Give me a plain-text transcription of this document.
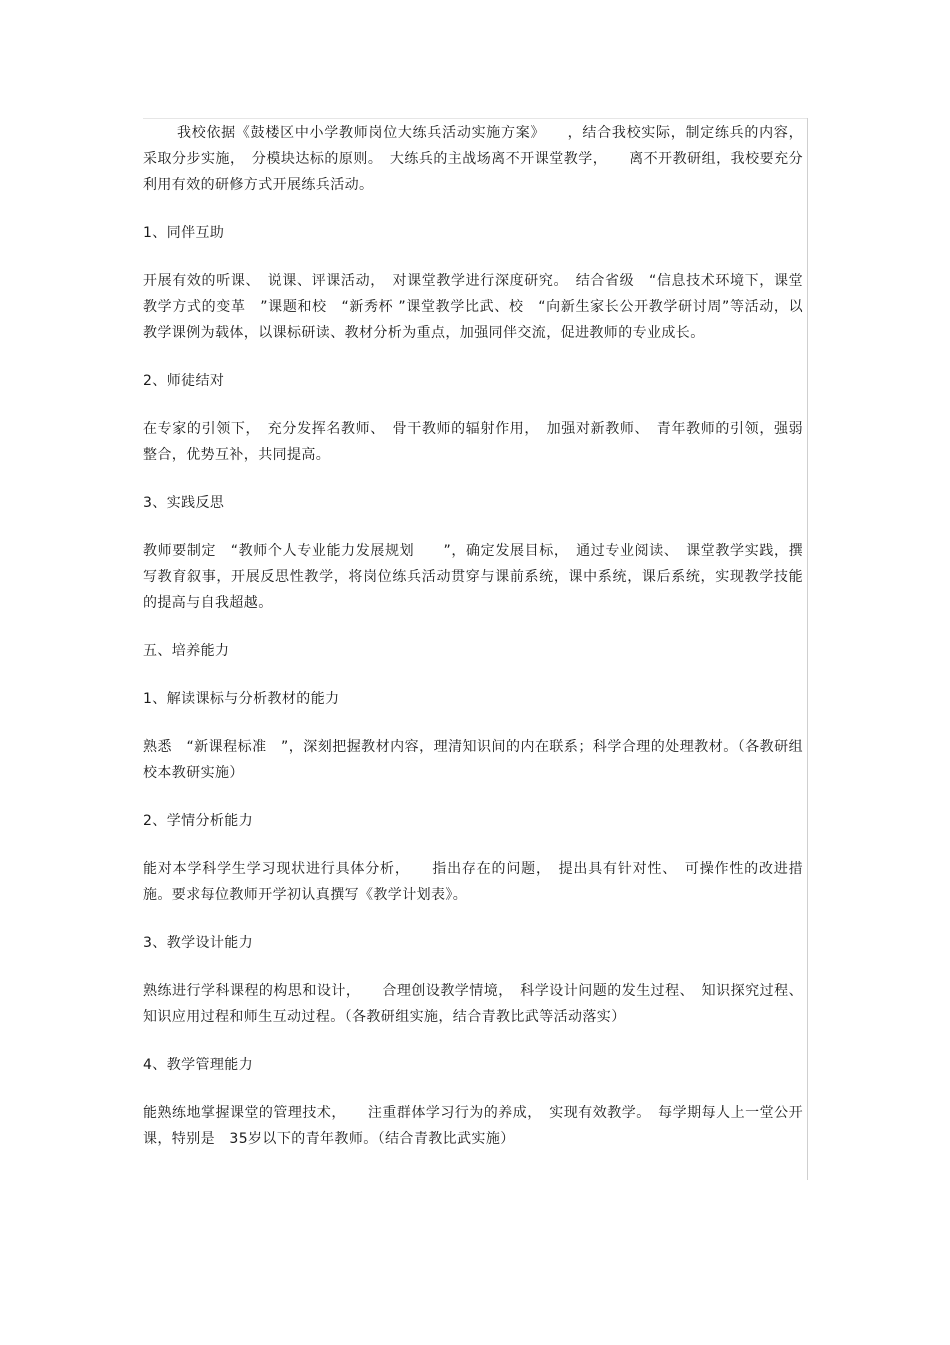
我校依据《鼓楼区中小学教师岗位大练兵活动实施方案》　　，结合我校实际，制定练兵的内容，采取分步实施，　分模块达标的原则。　大练兵的主战场离不开课堂教学，　　离不开教研组，我校要充分利用有效的研修方式开展练兵活动。

1、同伴互助

开展有效的听课、　说课、评课活动，　对课堂教学进行深度研究。　结合省级　“信息技术环境下，课堂教学方式的变革　”课题和校　“新秀杯 ”课堂教学比武、校　“向新生家长公开教学研讨周”等活动，以教学课例为载体，以课标研读、教材分析为重点，加强同伴交流，促进教师的专业成长。

2、师徒结对

在专家的引领下，　充分发挥名教师、　骨干教师的辐射作用，　加强对新教师、　青年教师的引领，强弱整合，优势互补，共同提高。

3、实践反思

教师要制定　“教师个人专业能力发展规划　　”，确定发展目标，　通过专业阅读、　课堂教学实践，撰写教育叙事，开展反思性教学，将岗位练兵活动贯穿与课前系统，课中系统，课后系统，实现教学技能的提高与自我超越。

五、培养能力

1、解读课标与分析教材的能力

熟悉　“新课程标准　”，深刻把握教材内容，理清知识间的内在联系；科学合理的处理教材。（各教研组校本教研实施）

2、学情分析能力

能对本学科学生学习现状进行具体分析，　　指出存在的问题，　提出具有针对性、　可操作性的改进措施。要求每位教师开学初认真撰写《教学计划表》。

3、教学设计能力

熟练进行学科课程的构思和设计，　　合理创设教学情境，　科学设计问题的发生过程、　知识探究过程、知识应用过程和师生互动过程。（各教研组实施，结合青教比武等活动落实）

4、教学管理能力

能熟练地掌握课堂的管理技术，　　注重群体学习行为的养成，　实现有效教学。　每学期每人上一堂公开课，特别是　35岁以下的青年教师。（结合青教比武实施）
